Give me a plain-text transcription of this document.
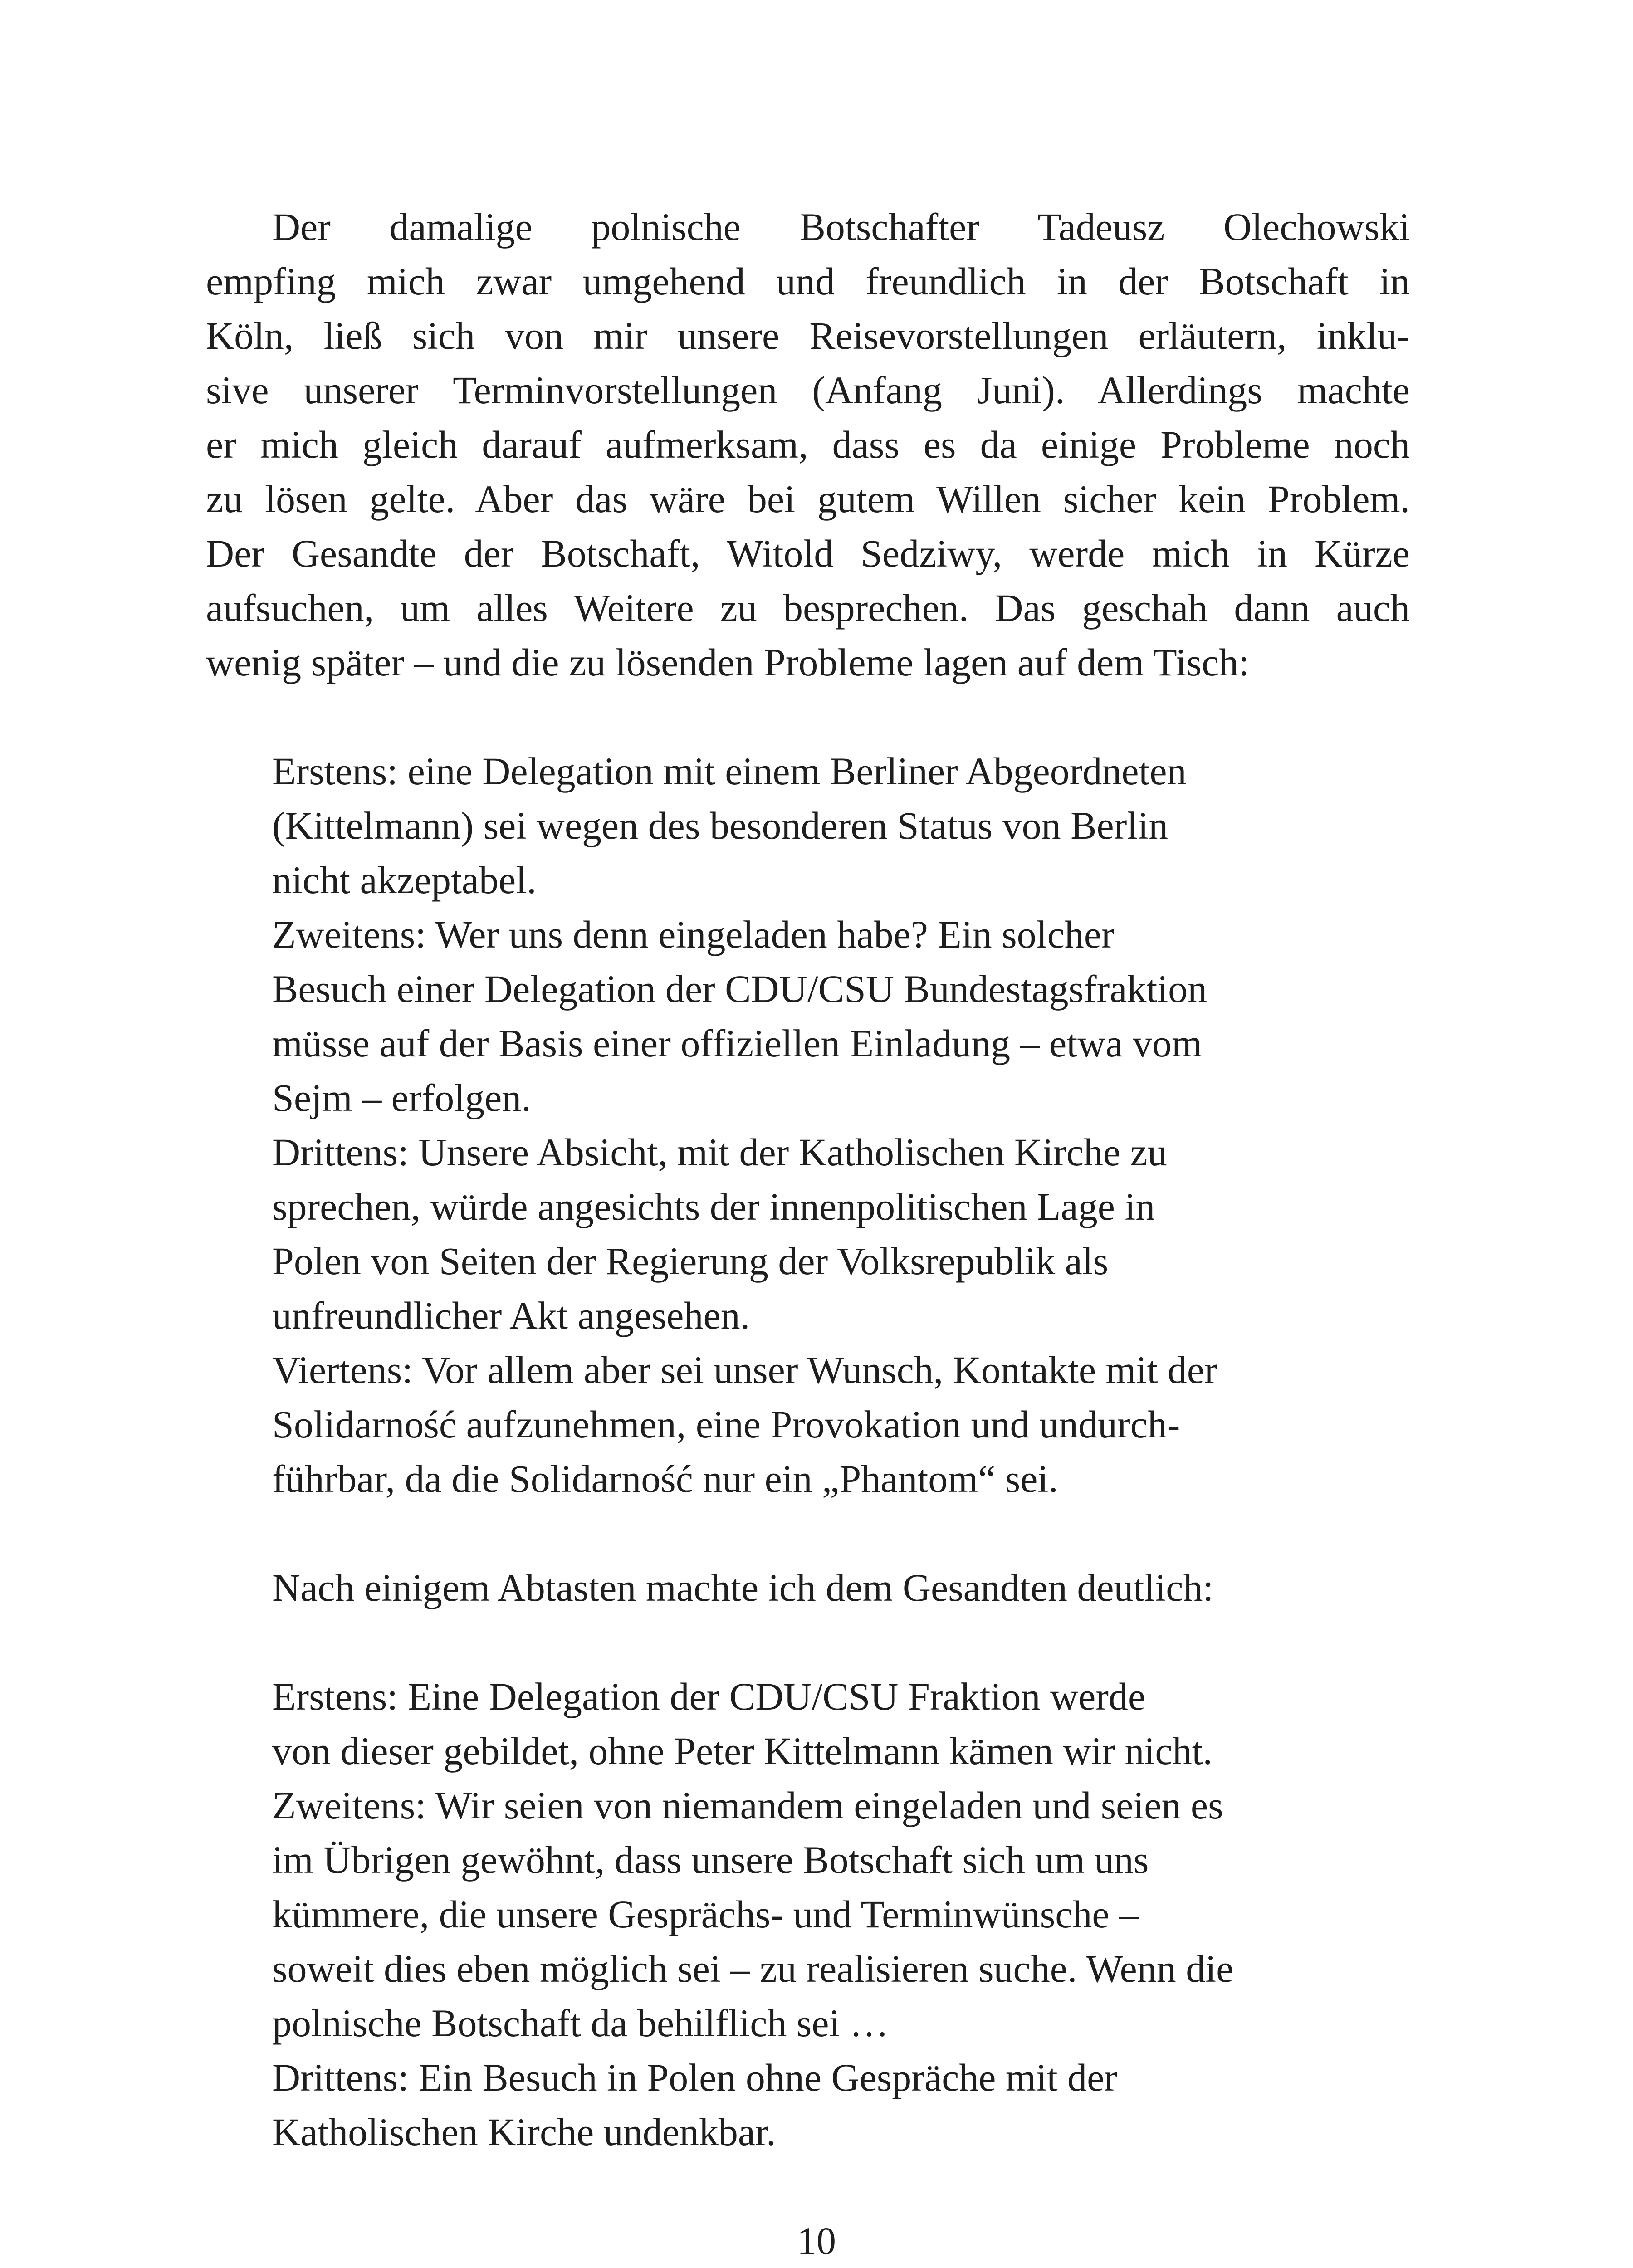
Der damalige polnische Botschafter Tadeusz Olechowski

empfing mich zwar umgehend und freundlich in der Botschaft in

Köln, ließ sich von mir unsere Reisevorstellungen erläutern, inklu-

sive unserer Terminvorstellungen (Anfang Juni). Allerdings machte

er mich gleich darauf aufmerksam, dass es da einige Probleme noch

zu lösen gelte. Aber das wäre bei gutem Willen sicher kein Problem.

Der Gesandte der Botschaft, Witold Sedziwy, werde mich in Kürze

aufsuchen, um alles Weitere zu besprechen. Das geschah dann auch

wenig später – und die zu lösenden Probleme lagen auf dem Tisch:

Erstens: eine Delegation mit einem Berliner Abgeordneten

(Kittelmann) sei wegen des besonderen Status von Berlin

nicht akzeptabel.

Zweitens: Wer uns denn eingeladen habe? Ein solcher

Besuch einer Delegation der CDU/CSU Bundestagsfraktion

müsse auf der Basis einer offiziellen Einladung – etwa vom

Sejm – erfolgen.

Drittens: Unsere Absicht, mit der Katholischen Kirche zu

sprechen, würde angesichts der innenpolitischen Lage in

Polen von Seiten der Regierung der Volksrepublik als

unfreundlicher Akt angesehen.

Viertens: Vor allem aber sei unser Wunsch, Kontakte mit der

Solidarność aufzunehmen, eine Provokation und undurch-

führbar, da die Solidarność nur ein „Phantom“ sei.

Nach einigem Abtasten machte ich dem Gesandten deutlich:

Erstens: Eine Delegation der CDU/CSU Fraktion werde

von dieser gebildet, ohne Peter Kittelmann kämen wir nicht.

Zweitens: Wir seien von niemandem eingeladen und seien es

im Übrigen gewöhnt, dass unsere Botschaft sich um uns

kümmere, die unsere Gesprächs- und Terminwünsche –

soweit dies eben möglich sei – zu realisieren suche. Wenn die

polnische Botschaft da behilflich sei …

Drittens: Ein Besuch in Polen ohne Gespräche mit der

Katholischen Kirche undenkbar.

10
